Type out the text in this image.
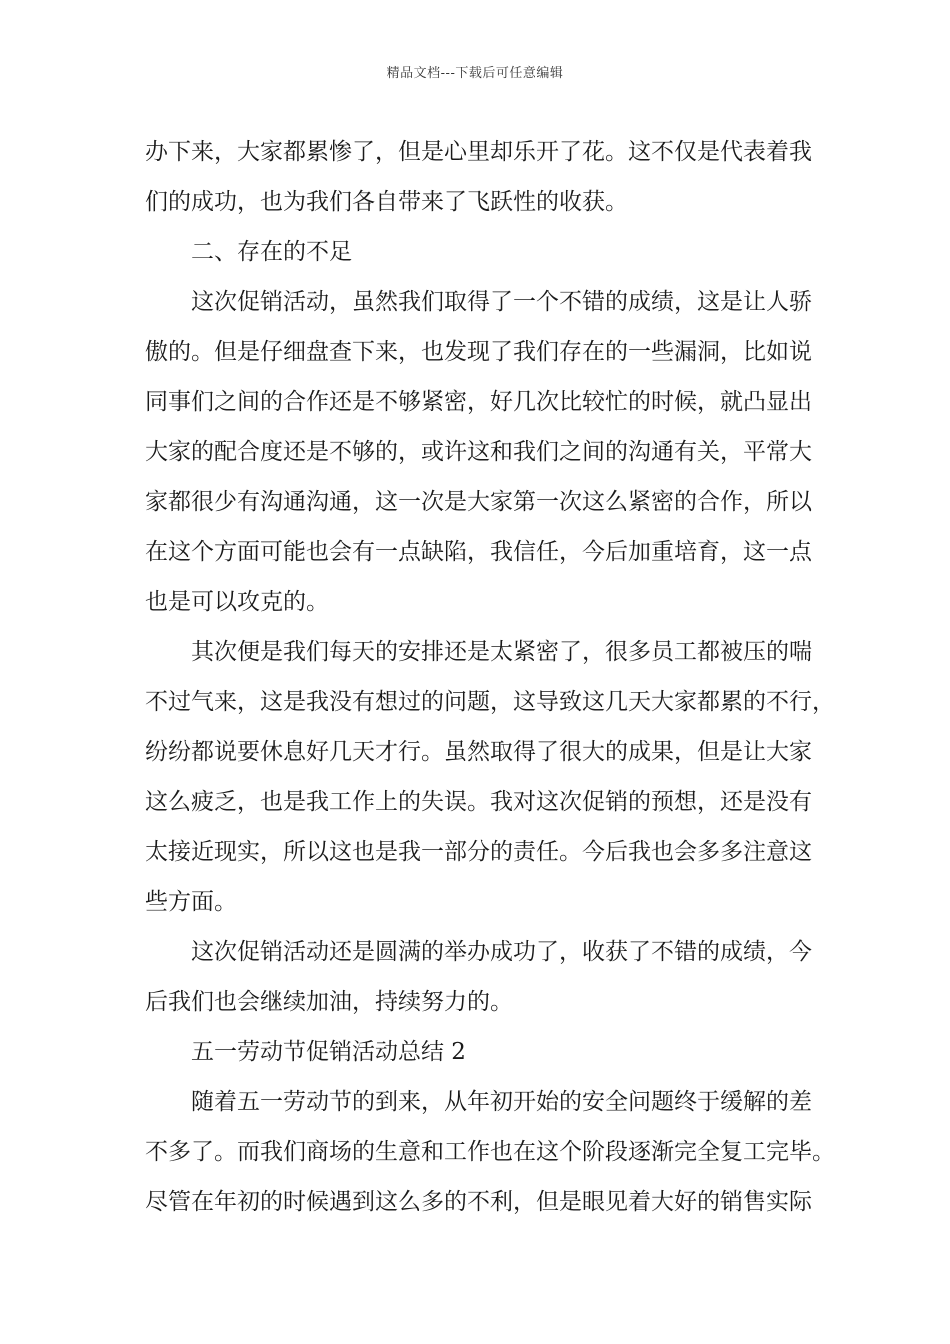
精品文档---下载后可任意编辑
办下来，大家都累惨了，但是心里却乐开了花。这不仅是代表着我
们的成功，也为我们各自带来了飞跃性的收获。
二、存在的不足
这次促销活动，虽然我们取得了一个不错的成绩，这是让人骄
傲的。但是仔细盘查下来，也发现了我们存在的一些漏洞，比如说
同事们之间的合作还是不够紧密，好几次比较忙的时候，就凸显出
大家的配合度还是不够的，或许这和我们之间的沟通有关，平常大
家都很少有沟通沟通，这一次是大家第一次这么紧密的合作，所以
在这个方面可能也会有一点缺陷，我信任，今后加重培育，这一点
也是可以攻克的。
其次便是我们每天的安排还是太紧密了，很多员工都被压的喘
不过气来，这是我没有想过的问题，这导致这几天大家都累的不行，
纷纷都说要休息好几天才行。虽然取得了很大的成果，但是让大家
这么疲乏，也是我工作上的失误。我对这次促销的预想，还是没有
太接近现实，所以这也是我一部分的责任。今后我也会多多注意这
些方面。
这次促销活动还是圆满的举办成功了，收获了不错的成绩，今
后我们也会继续加油，持续努力的。
五一劳动节促销活动总结 2
随着五一劳动节的到来，从年初开始的安全问题终于缓解的差
不多了。而我们商场的生意和工作也在这个阶段逐渐完全复工完毕。
尽管在年初的时候遇到这么多的不利，但是眼见着大好的销售实际
